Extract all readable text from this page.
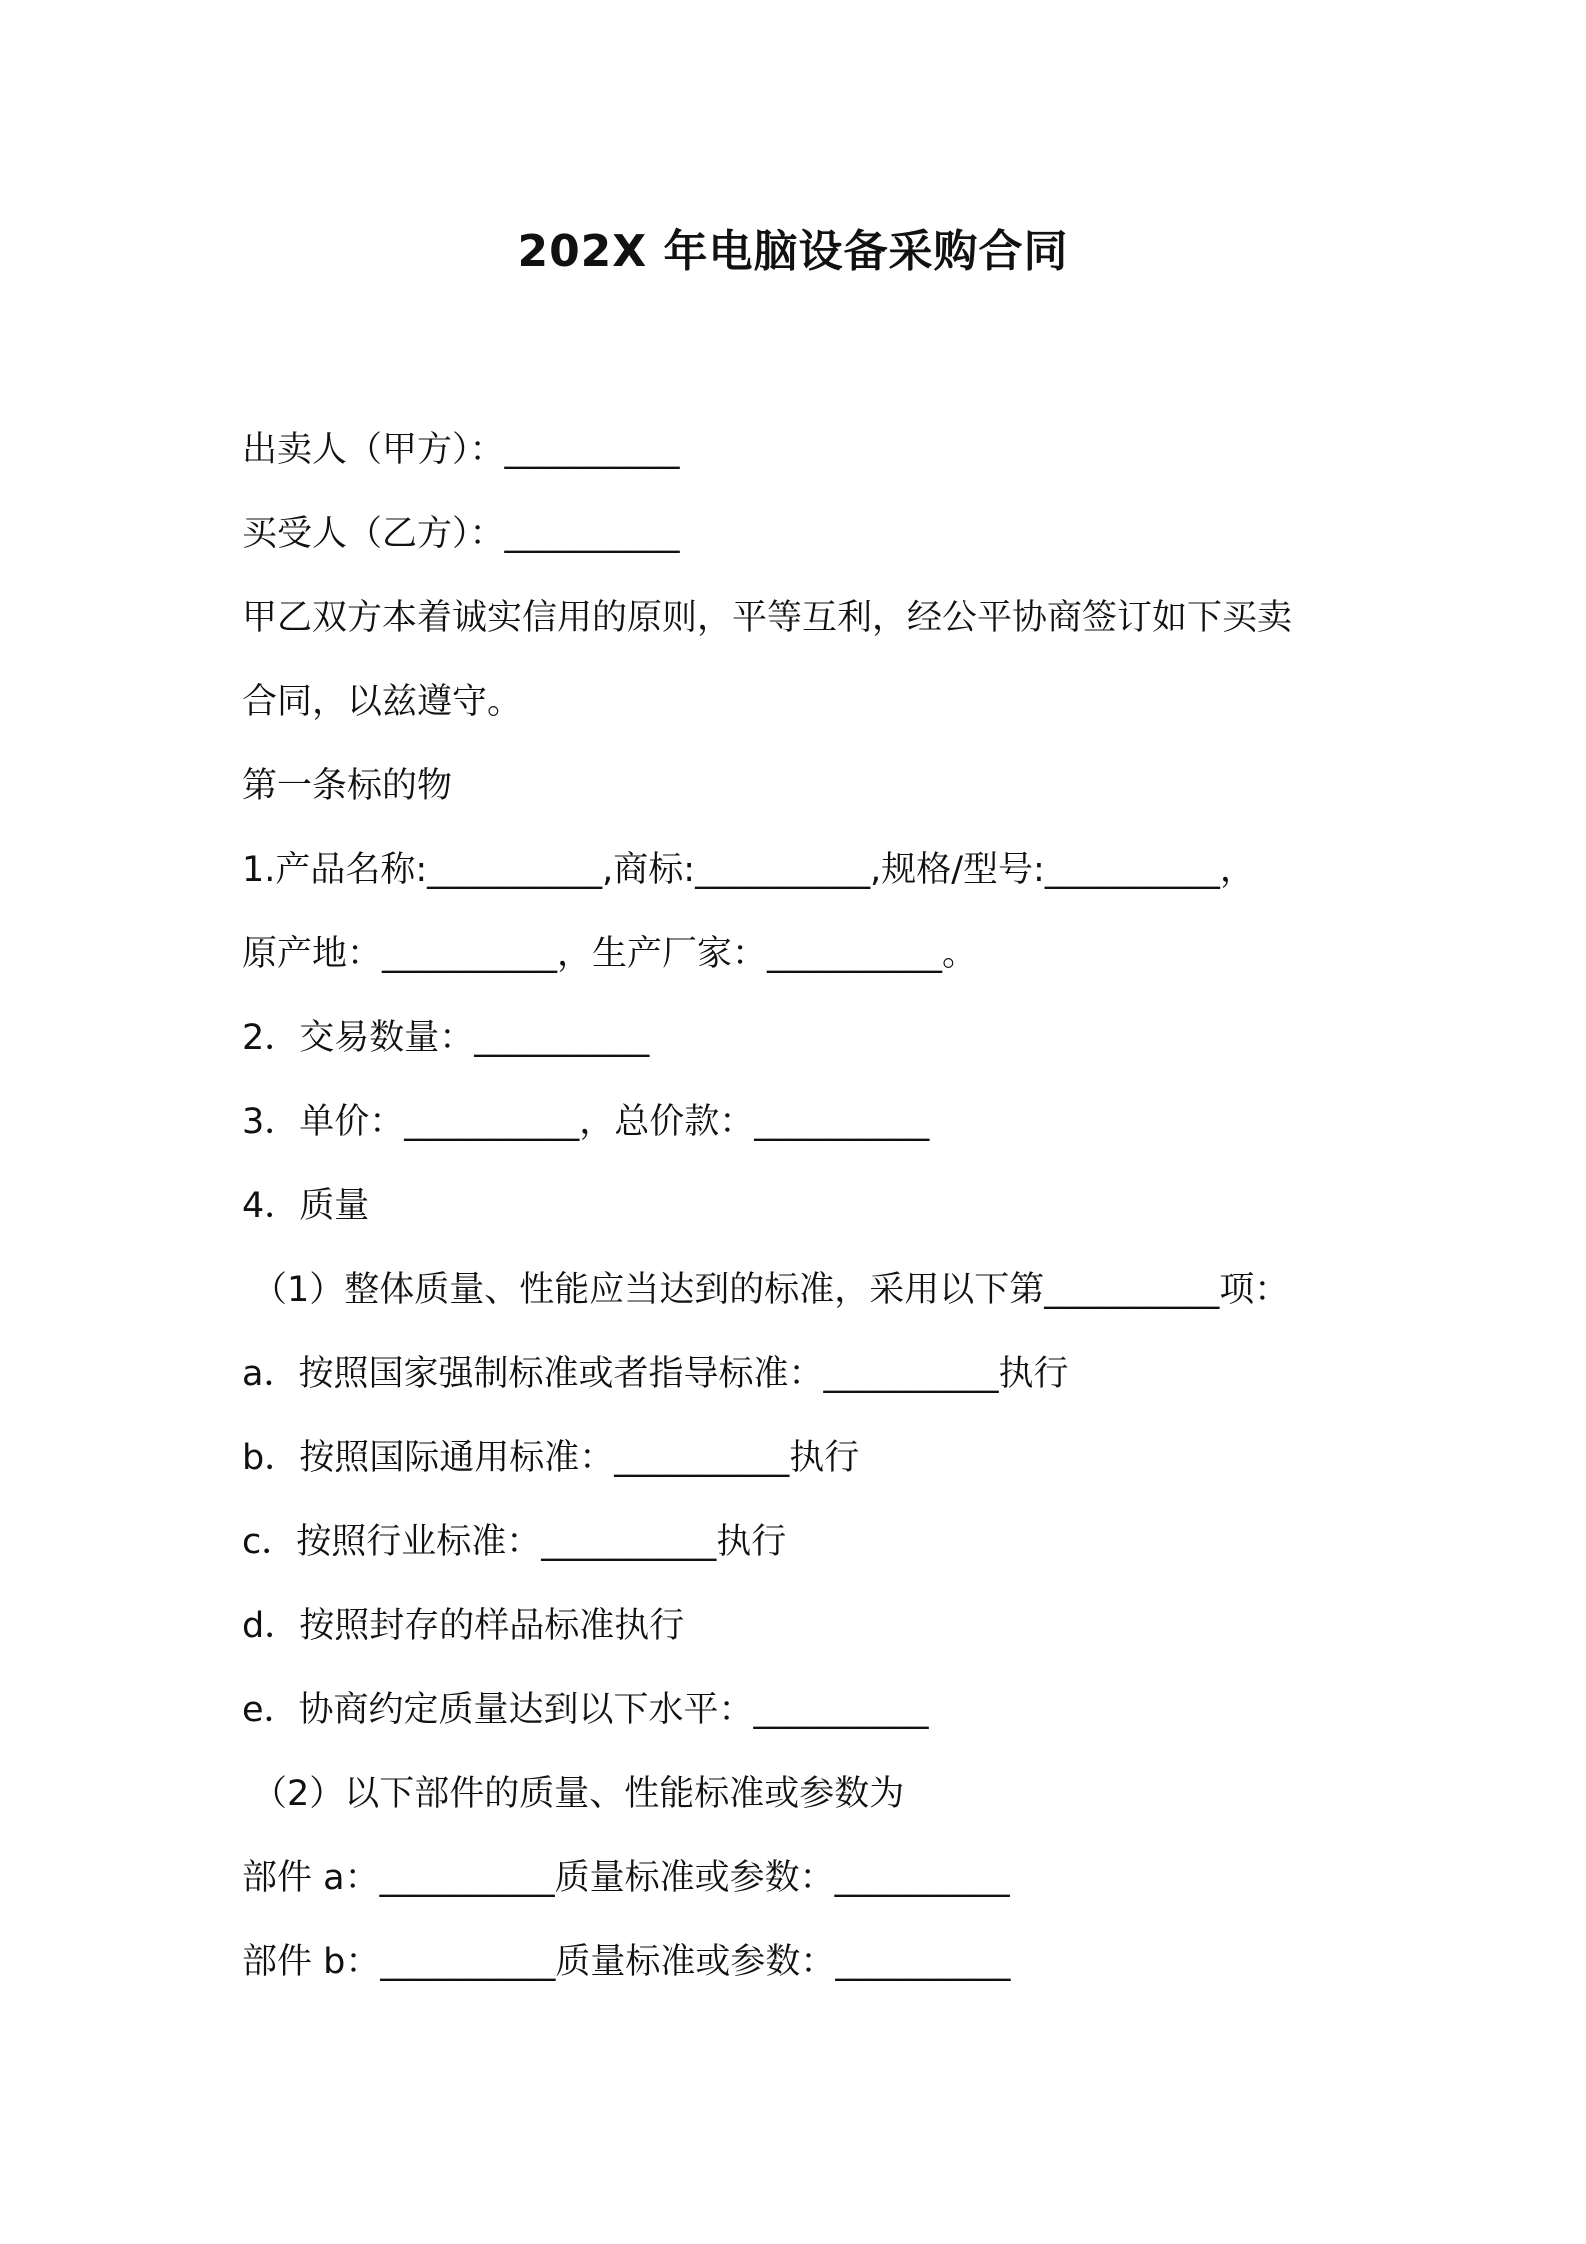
202X 年电脑设备采购合同
出卖人（甲方）：__________
买受人（乙方）：__________
甲乙双方本着诚实信用的原则，平等互利，经公平协商签订如下买卖
合同，以兹遵守。
第一条标的物
1.产品名称:__________,商标:__________,规格/型号:__________，
原产地：__________，生产厂家：__________。
2．交易数量：__________
3．单价：__________，总价款：__________
4．质量
（1）整体质量、性能应当达到的标准，采用以下第__________项：
a．按照国家强制标准或者指导标准：__________执行
b．按照国际通用标准：__________执行
c．按照行业标准：__________执行
d．按照封存的样品标准执行
e．协商约定质量达到以下水平：__________
（2）以下部件的质量、性能标准或参数为
部件 a：__________质量标准或参数：__________
部件 b：__________质量标准或参数：__________
